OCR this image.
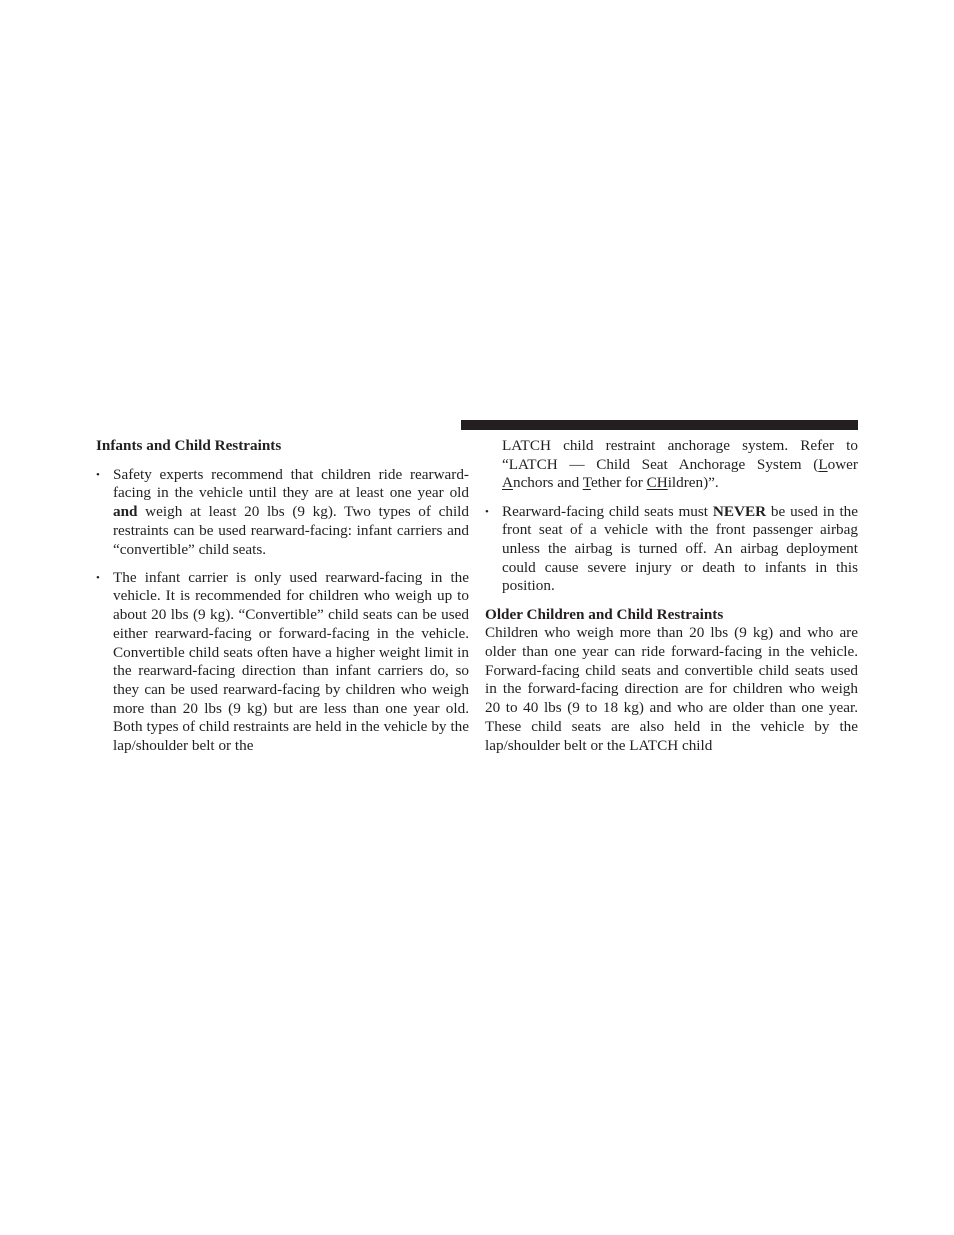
Infants and Child Restraints
• Safety experts recommend that children ride rearward-facing in the vehicle until they are at least one year old and weigh at least 20 lbs (9 kg). Two types of child restraints can be used rearward-facing: infant carriers and “convertible” child seats.

• The infant carrier is only used rearward-facing in the vehicle. It is recommended for children who weigh up to about 20 lbs (9 kg). “Convertible” child seats can be used either rearward-facing or forward-facing in the vehicle. Convertible child seats often have a higher weight limit in the rearward-facing direction than infant carriers do, so they can be used rearward-facing by children who weigh more than 20 lbs (9 kg) but are less than one year old. Both types of child restraints are held in the vehicle by the lap/shoulder belt or the

LATCH child restraint anchorage system. Refer to “LATCH — Child Seat Anchorage System (Lower Anchors and Tether for CHildren)”.

• Rearward-facing child seats must NEVER be used in the front seat of a vehicle with the front passenger airbag unless the airbag is turned off. An airbag deployment could cause severe injury or death to infants in this position.

Older Children and Child Restraints

Children who weigh more than 20 lbs (9 kg) and who are older than one year can ride forward-facing in the vehicle. Forward-facing child seats and convertible child seats used in the forward-facing direction are for children who weigh 20 to 40 lbs (9 to 18 kg) and who are older than one year. These child seats are also held in the vehicle by the lap/shoulder belt or the LATCH child
